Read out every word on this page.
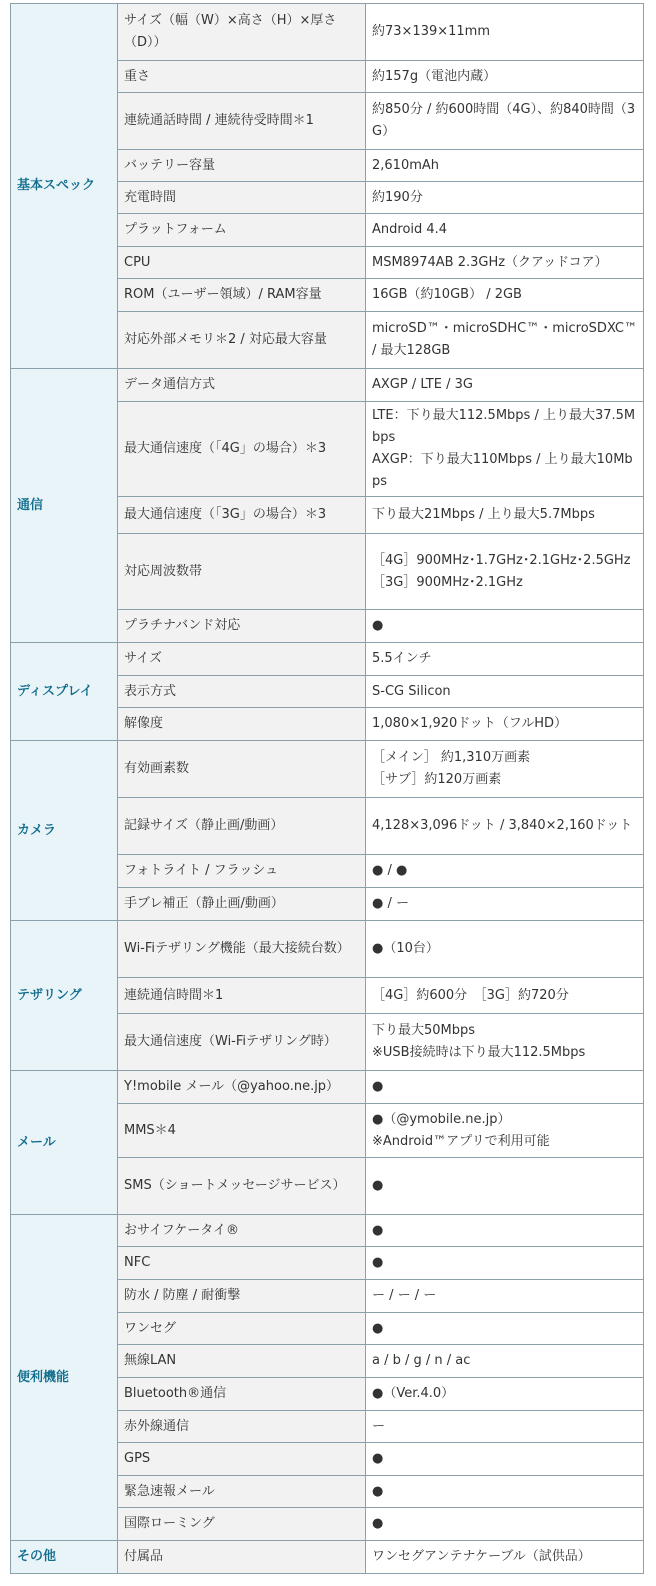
基本スペック	サイズ（幅（W）×高さ（H）×厚さ（D））	約73×139×11mm
	重さ	約157g（電池内蔵）
	連続通話時間 / 連続待受時間＊1	約850分 / 約600時間（4G）、約840時間（3G）
	バッテリー容量	2,610mAh
	充電時間	約190分
	プラットフォーム	Android 4.4
	CPU	MSM8974AB 2.3GHz（クアッドコア）
	ROM（ユーザー領域）/ RAM容量	16GB（約10GB） / 2GB
	対応外部メモリ＊2 / 対応最大容量	microSD™・microSDHC™・microSDXC™ / 最大128GB
通信	データ通信方式	AXGP / LTE / 3G
	最大通信速度（「4G」の場合）＊3	LTE：下り最大112.5Mbps / 上り最大37.5Mbps
AXGP：下り最大110Mbps / 上り最大10Mbps

	最大通信速度（「3G」の場合）＊3	下り最大21Mbps / 上り最大5.7Mbps
	対応周波数帯	［4G］900MHz･1.7GHz･2.1GHz･2.5GHz
［3G］900MHz･2.1GHz

	プラチナバンド対応	●
ディスプレイ	サイズ	5.5インチ
	表示方式	S-CG Silicon
	解像度	1,080×1,920ドット（フルHD）
カメラ	有効画素数	［メイン］ 約1,310万画素
［サブ］約120万画素

	記録サイズ（静止画/動画）	4,128×3,096ドット / 3,840×2,160ドット
	フォトライト / フラッシュ	● / ●
	手ブレ補正（静止画/動画）	● / ー
テザリング	Wi-Fiテザリング機能（最大接続台数）	●（10台）
	連続通信時間＊1	［4G］約600分　［3G］約720分
	最大通信速度（Wi-Fiテザリング時）	下り最大50Mbps
※USB接続時は下り最大112.5Mbps

メール	Y!mobile メール（@yahoo.ne.jp）	●
	MMS＊4	●（@ymobile.ne.jp）
※Android™アプリで利用可能

	SMS（ショートメッセージサービス）	●
便利機能	おサイフケータイ®	●
	NFC	●
	防水 / 防塵 / 耐衝撃	ー / ー / ー
	ワンセグ	●
	無線LAN	a / b / g / n / ac
	Bluetooth®通信	●（Ver.4.0）
	赤外線通信	ー
	GPS	●
	緊急速報メール	●
	国際ローミング	●
その他	付属品	ワンセグアンテナケーブル（試供品）
